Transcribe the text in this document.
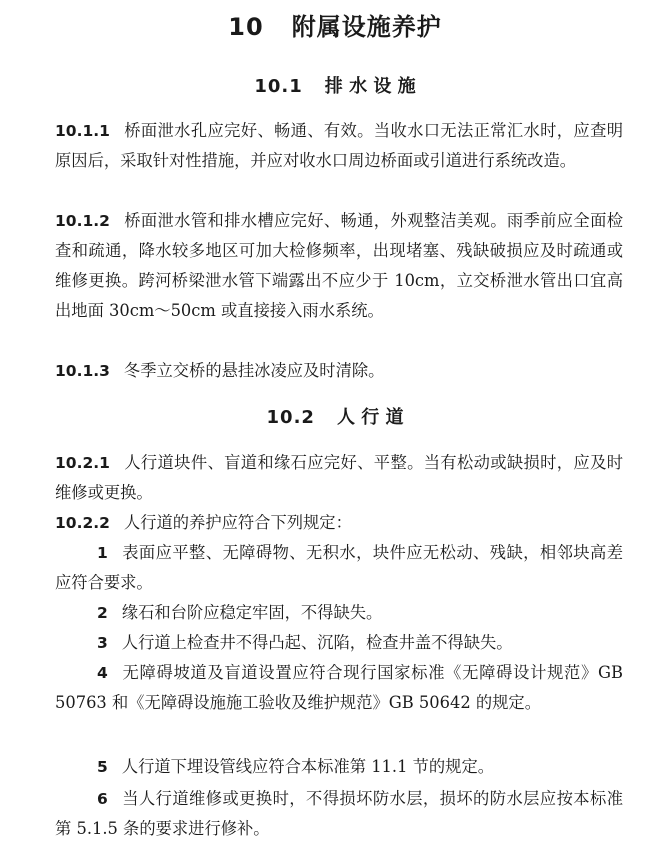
10 附属设施养护
10.1 排 水 设 施
10.1.1 桥面泄水孔应完好、畅通、有效。当收水口无法正常汇水时，应查明原因后，采取针对性措施，并应对收水口周边桥面或引道进行系统改造。
10.1.2 桥面泄水管和排水槽应完好、畅通，外观整洁美观。雨季前应全面检查和疏通，降水较多地区可加大检修频率，出现堵塞、残缺破损应及时疏通或维修更换。跨河桥梁泄水管下端露出不应少于 10cm，立交桥泄水管出口宜高出地面 30cm～50cm 或直接接入雨水系统。
10.1.3 冬季立交桥的悬挂冰凌应及时清除。
10.2 人 行 道
10.2.1 人行道块件、盲道和缘石应完好、平整。当有松动或缺损时，应及时维修或更换。
10.2.2 人行道的养护应符合下列规定：
1 表面应平整、无障碍物、无积水，块件应无松动、残缺，相邻块高差应符合要求。
2 缘石和台阶应稳定牢固，不得缺失。
3 人行道上检查井不得凸起、沉陷，检查井盖不得缺失。
4 无障碍坡道及盲道设置应符合现行国家标准《无障碍设计规范》GB 50763 和《无障碍设施施工验收及维护规范》GB 50642 的规定。
5 人行道下埋设管线应符合本标准第 11.1 节的规定。
6 当人行道维修或更换时，不得损坏防水层，损坏的防水层应按本标准第 5.1.5 条的要求进行修补。
